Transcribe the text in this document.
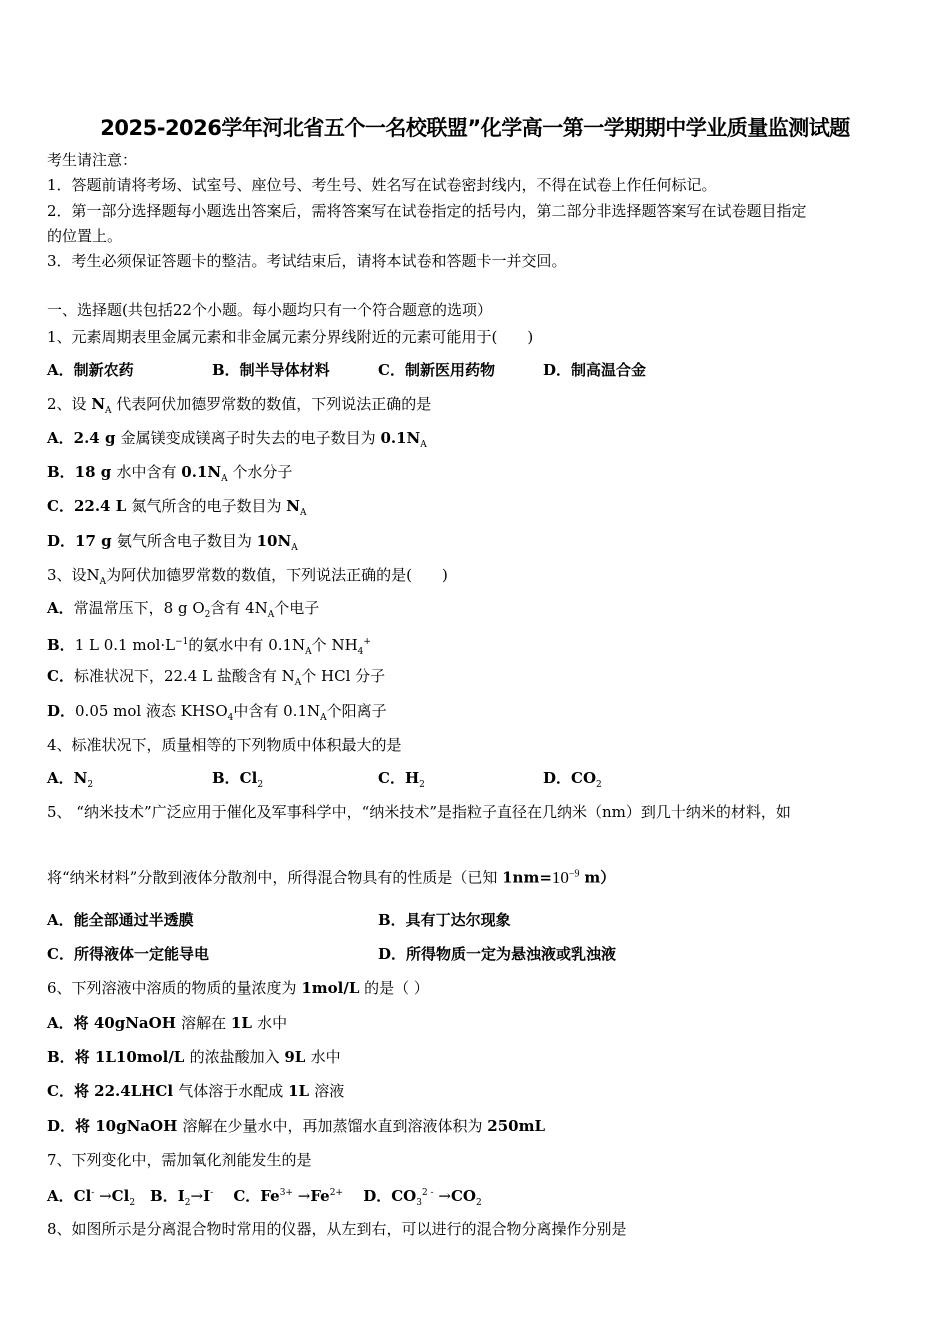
2025-2026学年河北省五个一名校联盟”化学高一第一学期期中学业质量监测试题
考生请注意：
1．答题前请将考场、试室号、座位号、考生号、姓名写在试卷密封线内，不得在试卷上作任何标记。
2．第一部分选择题每小题选出答案后，需将答案写在试卷指定的括号内，第二部分非选择题答案写在试卷题目指定
的位置上。
3．考生必须保证答题卡的整洁。考试结束后，请将本试卷和答题卡一并交回。
一、选择题(共包括22个小题。每小题均只有一个符合题意的选项）
1、元素周期表里金属元素和非金属元素分界线附近的元素可能用于(　　)
A．制新农药	B．制半导体材料	C．制新医用药物	D．制高温合金
2、设 $N_A$ 代表阿伏加德罗常数的数值，下列说法正确的是
A．2.4 g 金属镁变成镁离子时失去的电子数目为 $0.1N_A$
B．18 g 水中含有 $0.1N_A$ 个水分子
C．22.4 L 氮气所含的电子数目为 $N_A$
D．17 g 氨气所含电子数目为 $10N_A$
3、设$N_A$为阿伏加德罗常数的数值，下列说法正确的是(　　)
A．常温常压下，8 g $O_2$含有 $4N_A$个电子
B．1 L 0.1 $mol\cdot L^{-1}$的氨水中有 $0.1N_A$个 $NH_4^+$
C．标准状况下，22.4 L 盐酸含有 $N_A$个 HCl 分子
D．0.05 mol 液态 $KHSO_4$中含有 $0.1N_A$个阳离子
4、标准状况下，质量相等的下列物质中体积最大的是
A．$N_2$	B．$Cl_2$	C．$H_2$	D．$CO_2$
5、 “纳米技术”广泛应用于催化及军事科学中，“纳米技术”是指粒子直径在几纳米（nm）到几十纳米的材料，如
将“纳米材料”分散到液体分散剂中，所得混合物具有的性质是（已知 $1nm=10^{-9}$ m）
A．能全部通过半透膜	B．具有丁达尔现象
C．所得液体一定能导电	D．所得物质一定为悬浊液或乳浊液
6、下列溶液中溶质的物质的量浓度为 1mol/L 的是（ ）
A．将 40gNaOH 溶解在 1L 水中
B．将 1L10mol/L 的浓盐酸加入 9L 水中
C．将 22.4LHCl 气体溶于水配成 1L 溶液
D．将 10gNaOH 溶解在少量水中，再加蒸馏水直到溶液体积为 250mL
7、下列变化中，需加氧化剂能发生的是
A．$Cl^- \to Cl_2$　B．$I_2\to I^-$　 C．$Fe^{3+} \to Fe^{2+}$　 D．$CO_3^{2 -} \to CO_2$
8、如图所示是分离混合物时常用的仪器，从左到右，可以进行的混合物分离操作分别是
